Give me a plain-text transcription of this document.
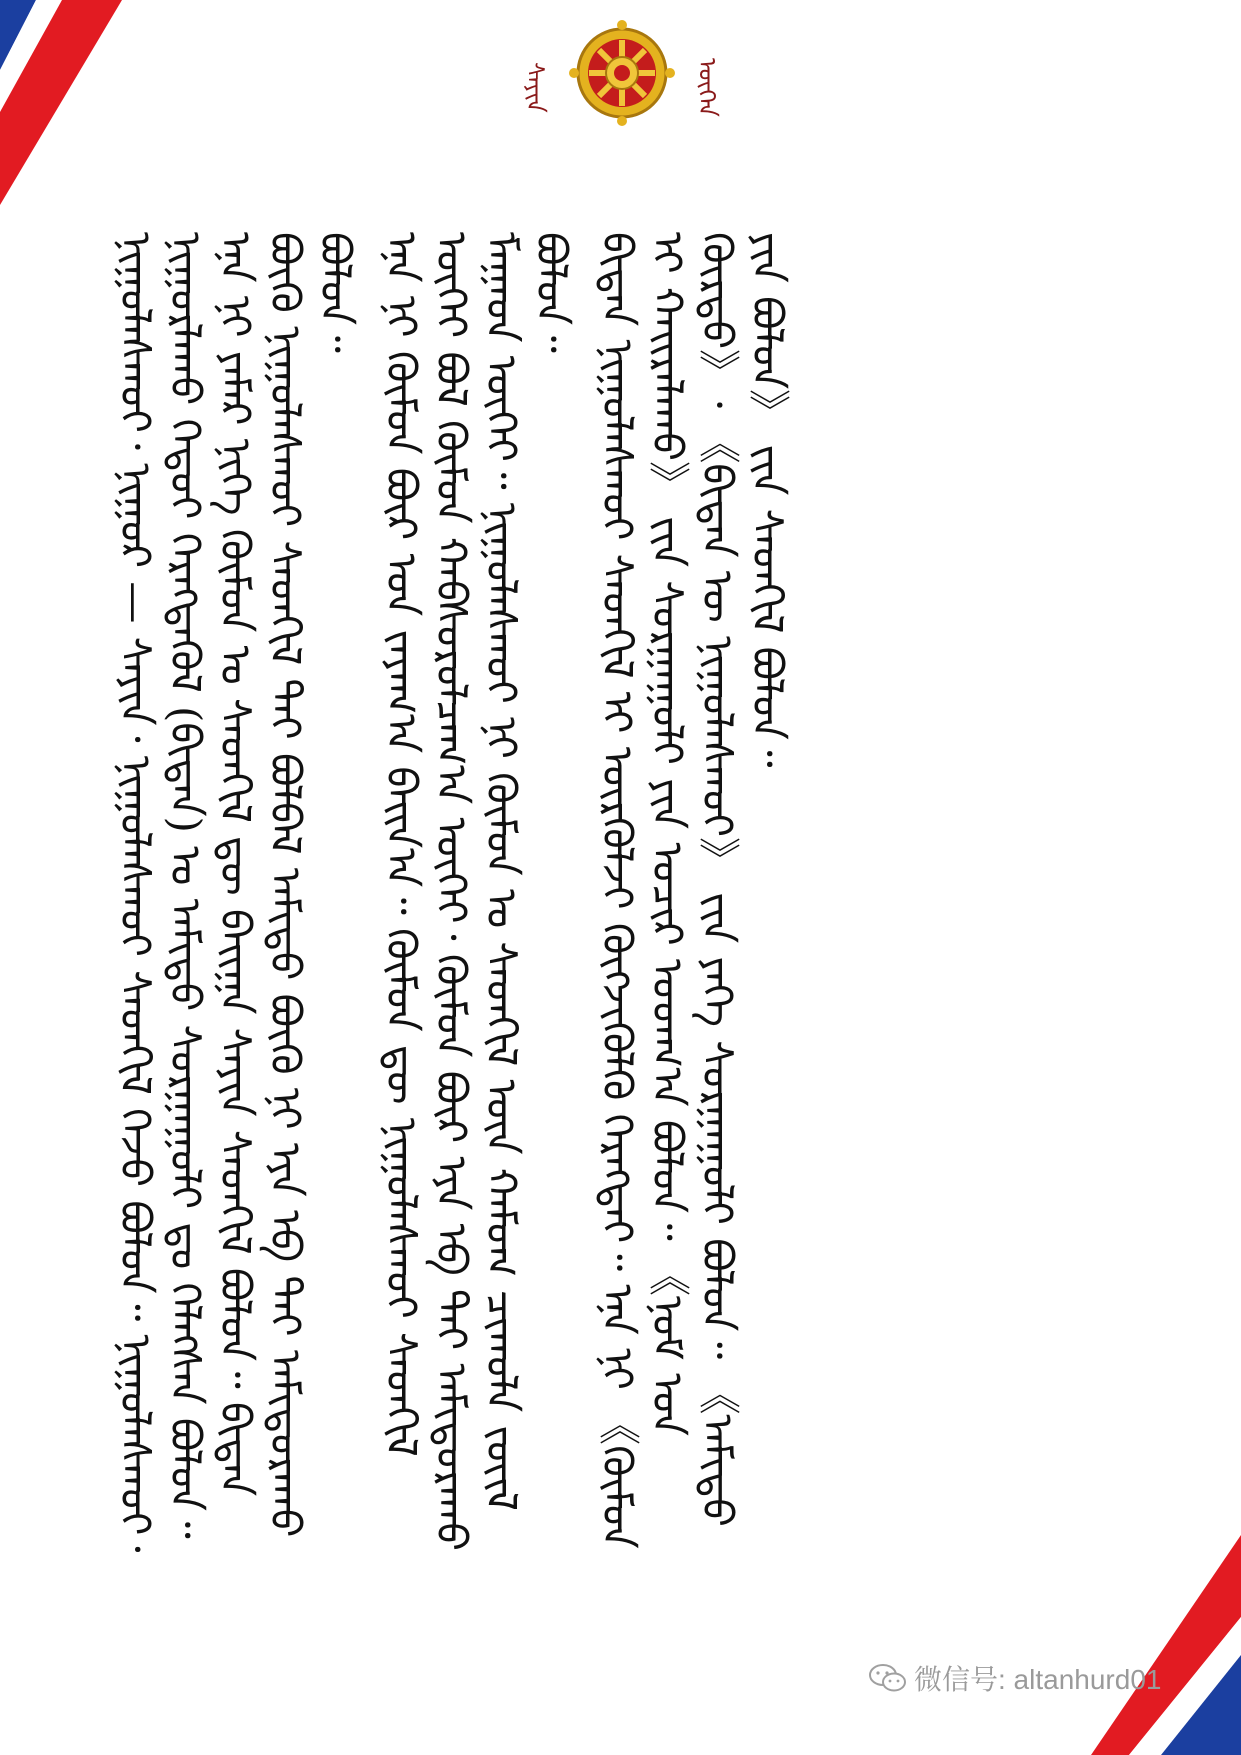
ᠰᠠᠶᠢᠨ	ᠦᠭᠡᠨ

ᠨᠢᠭᠤᠯᠠᠰᠬᠤᠢ᠂ ᠨᠢᠭᠤᠷ — ᠰᠠᠶᠢᠨ᠂ ᠨᠢᠭᠤᠯᠠᠰᠬᠤᠢ ᠰᠡᠳᠬᠢᠯ ᠭᠡᠵᠦ ᠪᠣᠯᠤᠨ᠃ ᠨᠢᠭᠤᠯᠠᠰᠬᠤᠢ᠂ ᠨᠢᠭᠤᠷᠯᠠᠬᠤ ᠬᠡᠳᠦᠢ ᠬᠡᠷᠡᠭᠳᠡᠭᠦᠯ (ᠪᠢᠳᠡᠨ) ᠤ ᠠᠮᠢᠳᠤ ᠰᠤᠷᠭᠠᠭᠤᠯᠢ ᠳᠤ ᠬᠡᠯᠡᠭᠰᠡᠨ ᠪᠤᠯᠤᠨ᠃ ᠡᠨᠡ ᠨᠢ ᠶᠠᠮᠠᠷ ᠨᠢᠭᠡ ᠬᠦᠮᠦᠨ ᠤ ᠰᠡᠳᠬᠢᠯ ᠳᠦ ᠪᠠᠢᠭᠠ ᠰᠠᠶᠢᠨ ᠰᠡᠳᠬᠢᠯ ᠪᠣᠯᠤᠨ᠃ ᠪᠢᠳᠡᠨ ᠪᠦᠬᠦ ᠨᠢᠭᠤᠯᠠᠰᠬᠤᠢ ᠰᠡᠳᠬᠢᠯ ᠲᠡᠢ ᠪᠣᠯᠪᠠᠯ ᠠᠮᠢᠳᠤ ᠪᠦᠬᠦ ᠨᠢ ᠡᠶᠡ ᠡᠪ ᠲᠡᠢ ᠠᠮᠢᠳᠤᠷᠠᠬᠤ ᠪᠣᠯᠤᠨ᠃ ᠡᠨᠡ ᠨᠢ ᠬᠦᠮᠦᠨ ᠪᠦᠷ ᠤᠨ ᠵᠠᠶᠠᠭ᠎ᠠ ᠪᠠᠢᠨ᠎ᠠ᠃ ᠬᠦᠮᠦᠨ ᠳᠦ ᠨᠢᠭᠤᠯᠠᠰᠬᠤᠢ ᠰᠡᠳᠬᠢᠯ ᠦᠭᠡᠢ ᠪᠣᠯ ᠬᠦᠮᠦᠨ ᠬᠠᠪᠰᠤᠷᠤᠯᠴᠠᠭ᠎ᠠ ᠦᠭᠡᠢ᠂ ᠬᠦᠮᠦᠨ ᠪᠦᠷ ᠡᠶᠡ ᠡᠪ ᠲᠡᠢ ᠠᠮᠢᠳᠤᠷᠠᠬᠤ ᠮᠠᠭᠠᠳ ᠦᠭᠡᠢ᠃ ᠨᠢᠭᠤᠯᠠᠰᠬᠤᠢ ᠨᠢ ᠬᠦᠮᠦᠨ ᠤ ᠰᠡᠳᠬᠢᠯ ᠦᠨ ᠬᠠᠮᠤᠭ ᠴᠢᠬᠤᠯᠠ ᠵᠦᠢᠯ ᠪᠣᠯᠤᠨ᠃ ᠪᠢᠳᠡᠨ ᠨᠢᠭᠤᠯᠠᠰᠬᠤᠢ ᠰᠡᠳᠬᠢᠯ ᠢ ᠦᠷᠭᠦᠯᠵᠢ ᠬᠥᠭᠵᠢᠭᠦᠯᠬᠦ ᠬᠡᠷᠡᠭᠲᠡᠢ᠃ ᠡᠨᠡ ᠨᠢ 《ᠬᠦᠮᠦᠨ ᠢ ᠬᠠᠢᠷᠠᠯᠠᠬᠤ》 ᠵᠢᠨ ᠰᠤᠷᠭᠠᠭᠤᠯᠢ ᠶᠢᠨ ᠤᠴᠢᠷ ᠤᠳᠬ᠎ᠠ ᠪᠣᠯᠤᠨ᠃ 《ᠨᠤᠮ ᠤᠨ ᠬᠦᠷᠳᠦ》᠂ 《ᠪᠢᠳᠡᠨ ᠦ ᠨᠢᠭᠤᠯᠠᠰᠬᠤᠢ》 ᠵᠢᠨ ᠶᠡᠬᠡ ᠰᠤᠷᠭᠠᠭᠤᠯᠢ ᠪᠣᠯᠤᠨ᠃ 《ᠠᠮᠢᠳᠤ ᠶᠢᠨ ᠪᠣᠯᠤᠨ》 ᠵᠢᠨ ᠰᠡᠳᠬᠢᠯ ᠪᠣᠯᠤᠨ᠃

微信号: altanhurd01
